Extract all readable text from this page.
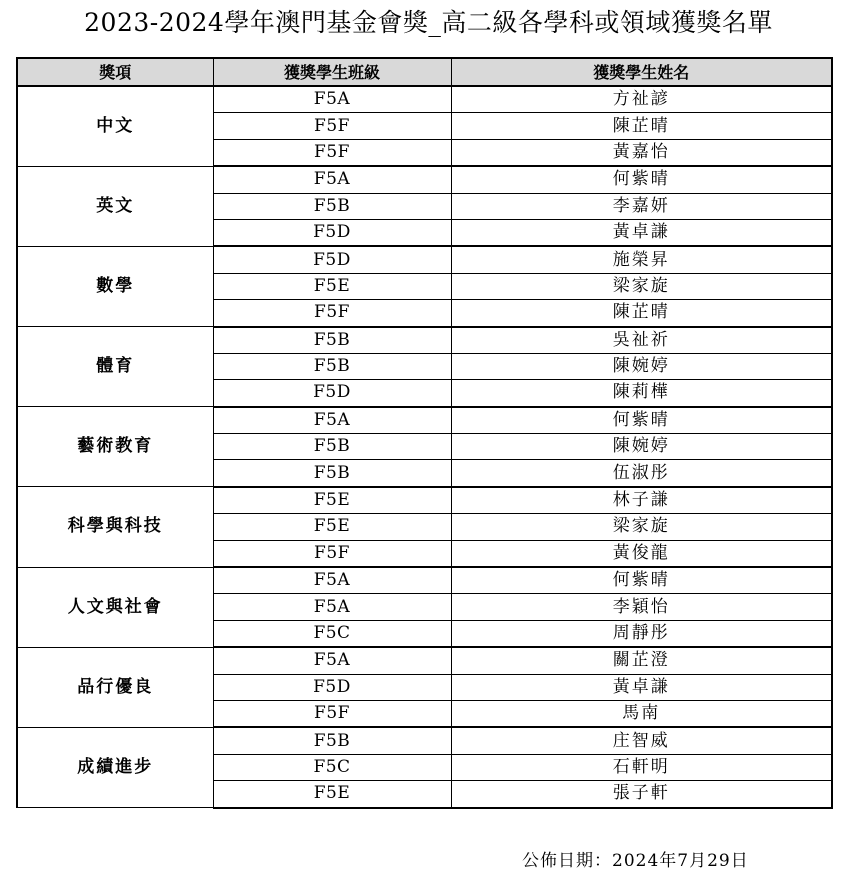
2023-2024學年澳門基金會獎_高二級各學科或領域獲獎名單
獎項	獲獎學生班級	獲獎學生姓名
中文	F5A	方祉諺
	F5F	陳芷晴
	F5F	黃嘉怡
英文	F5A	何紫晴
	F5B	李嘉妍
	F5D	黃卓謙
數學	F5D	施榮昇
	F5E	梁家旋
	F5F	陳芷晴
體育	F5B	吳祉祈
	F5B	陳婉婷
	F5D	陳莉樺
藝術教育	F5A	何紫晴
	F5B	陳婉婷
	F5B	伍淑彤
科學與科技	F5E	林子謙
	F5E	梁家旋
	F5F	黃俊龍
人文與社會	F5A	何紫晴
	F5A	李穎怡
	F5C	周靜彤
品行優良	F5A	關芷澄
	F5D	黃卓謙
	F5F	馬南
成績進步	F5B	庄智威
	F5C	石軒明
	F5E	張子軒
公佈日期：2024年7月29日
